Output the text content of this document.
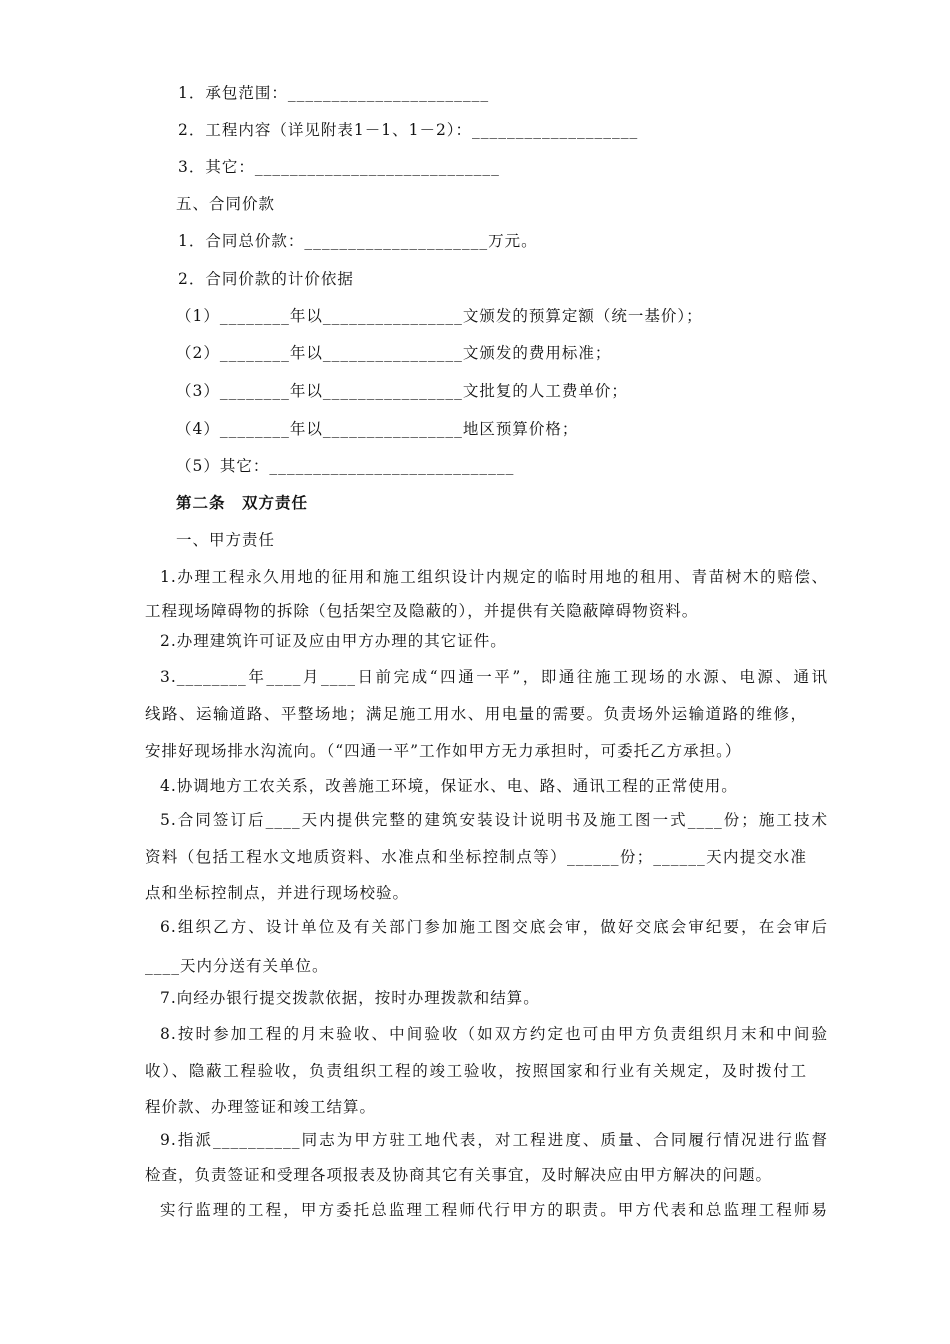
1．承包范围：_______________________
2．工程内容（详见附表1－1、1－2）：___________________
3．其它：____________________________
五、合同价款
1．合同总价款：_____________________万元。
2．合同价款的计价依据
（1）________年以________________文颁发的预算定额（统一基价）；
（2）________年以________________文颁发的费用标准；
（3）________年以________________文批复的人工费单价；
（4）________年以________________地区预算价格；
（5）其它：____________________________
第二条　双方责任
一、甲方责任
1.办理工程永久用地的征用和施工组织设计内规定的临时用地的租用、青苗树木的赔偿、
工程现场障碍物的拆除（包括架空及隐蔽的），并提供有关隐蔽障碍物资料。
2.办理建筑许可证及应由甲方办理的其它证件。
3.________年____月____日前完成“四通一平”，即通往施工现场的水源、电源、通讯
线路、运输道路、平整场地；满足施工用水、用电量的需要。负责场外运输道路的维修，
安排好现场排水沟流向。（“四通一平”工作如甲方无力承担时，可委托乙方承担。）
4.协调地方工农关系，改善施工环境，保证水、电、路、通讯工程的正常使用。
5.合同签订后____天内提供完整的建筑安装设计说明书及施工图一式____份；施工技术
资料（包括工程水文地质资料、水准点和坐标控制点等）______份；______天内提交水准
点和坐标控制点，并进行现场校验。
6.组织乙方、设计单位及有关部门参加施工图交底会审，做好交底会审纪要，在会审后
____天内分送有关单位。
7.向经办银行提交拨款依据，按时办理拨款和结算。
8.按时参加工程的月末验收、中间验收（如双方约定也可由甲方负责组织月末和中间验
收）、隐蔽工程验收，负责组织工程的竣工验收，按照国家和行业有关规定，及时拨付工
程价款、办理签证和竣工结算。
9.指派__________同志为甲方驻工地代表，对工程进度、质量、合同履行情况进行监督
检查，负责签证和受理各项报表及协商其它有关事宜，及时解决应由甲方解决的问题。
实行监理的工程，甲方委托总监理工程师代行甲方的职责。甲方代表和总监理工程师易
